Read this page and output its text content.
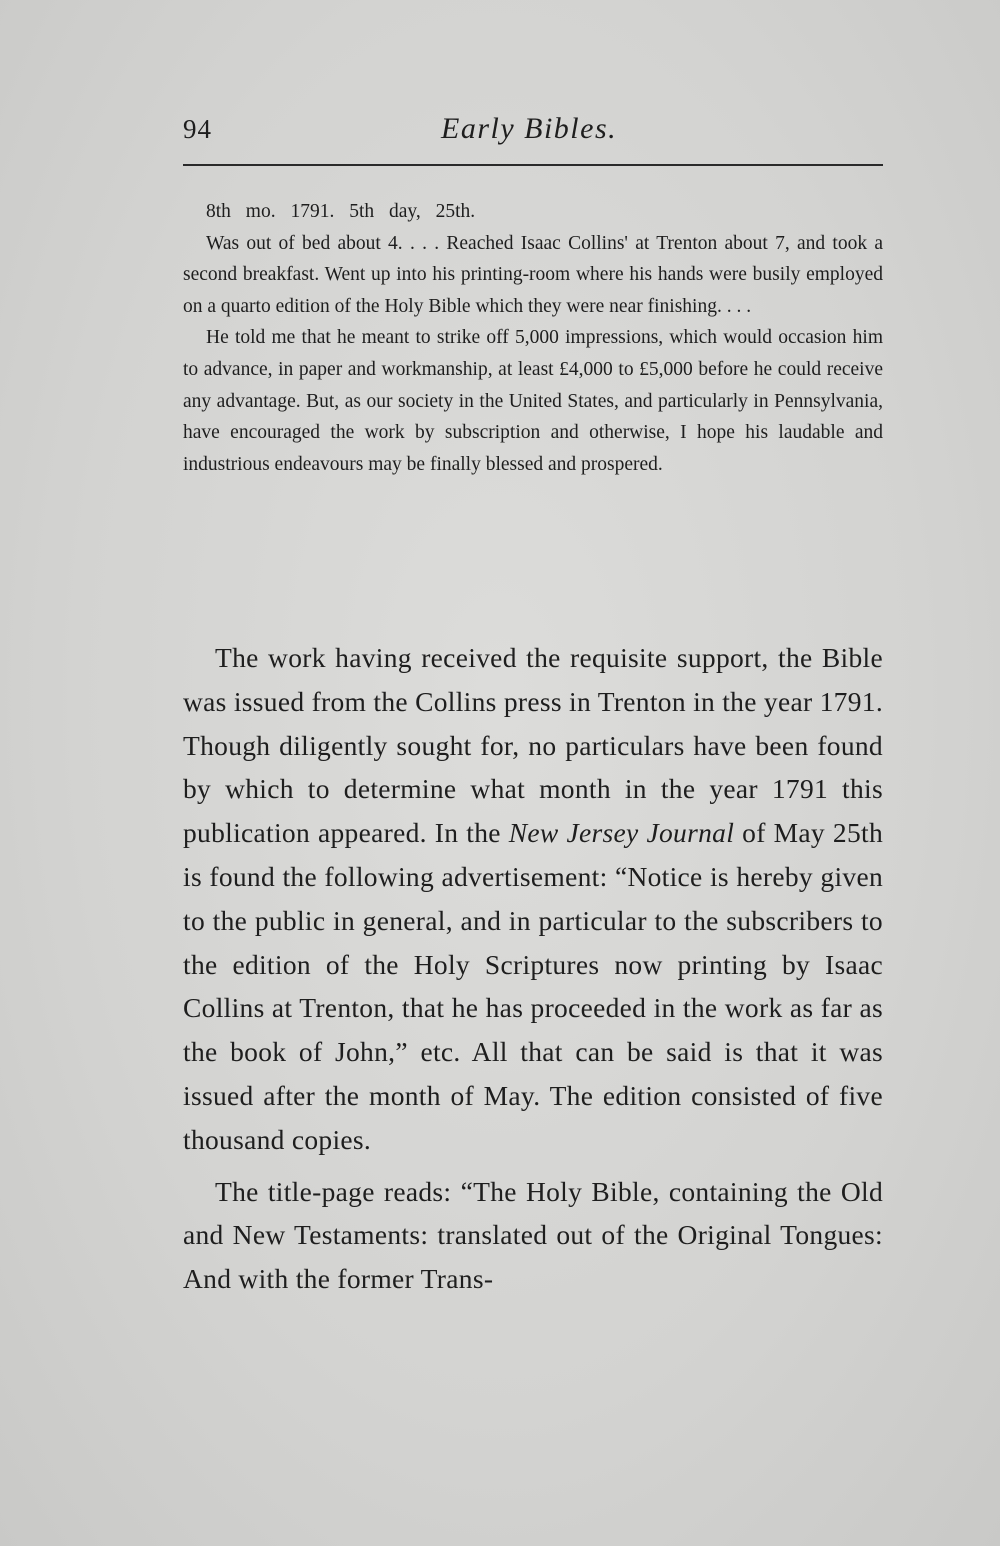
94	Early Bibles.

8th mo. 1791. 5th day, 25th.

Was out of bed about 4. . . . Reached Isaac Collins' at Trenton about 7, and took a second breakfast. Went up into his printing-room where his hands were busily employed on a quarto edition of the Holy Bible which they were near finishing. . . .

He told me that he meant to strike off 5,000 impressions, which would occasion him to advance, in paper and workmanship, at least £4,000 to £5,000 before he could receive any advantage. But, as our society in the United States, and particularly in Pennsylvania, have encouraged the work by subscription and otherwise, I hope his laudable and industrious endeavours may be finally blessed and prospered.

The work having received the requisite support, the Bible was issued from the Collins press in Trenton in the year 1791. Though diligently sought for, no particulars have been found by which to determine what month in the year 1791 this publication appeared. In the New Jersey Journal of May 25th is found the following advertisement: “Notice is hereby given to the public in general, and in particular to the subscribers to the edition of the Holy Scriptures now printing by Isaac Collins at Trenton, that he has proceeded in the work as far as the book of John,” etc. All that can be said is that it was issued after the month of May. The edition consisted of five thousand copies.

The title-page reads: “The Holy Bible, containing the Old and New Testaments: translated out of the Original Tongues: And with the former Trans-
